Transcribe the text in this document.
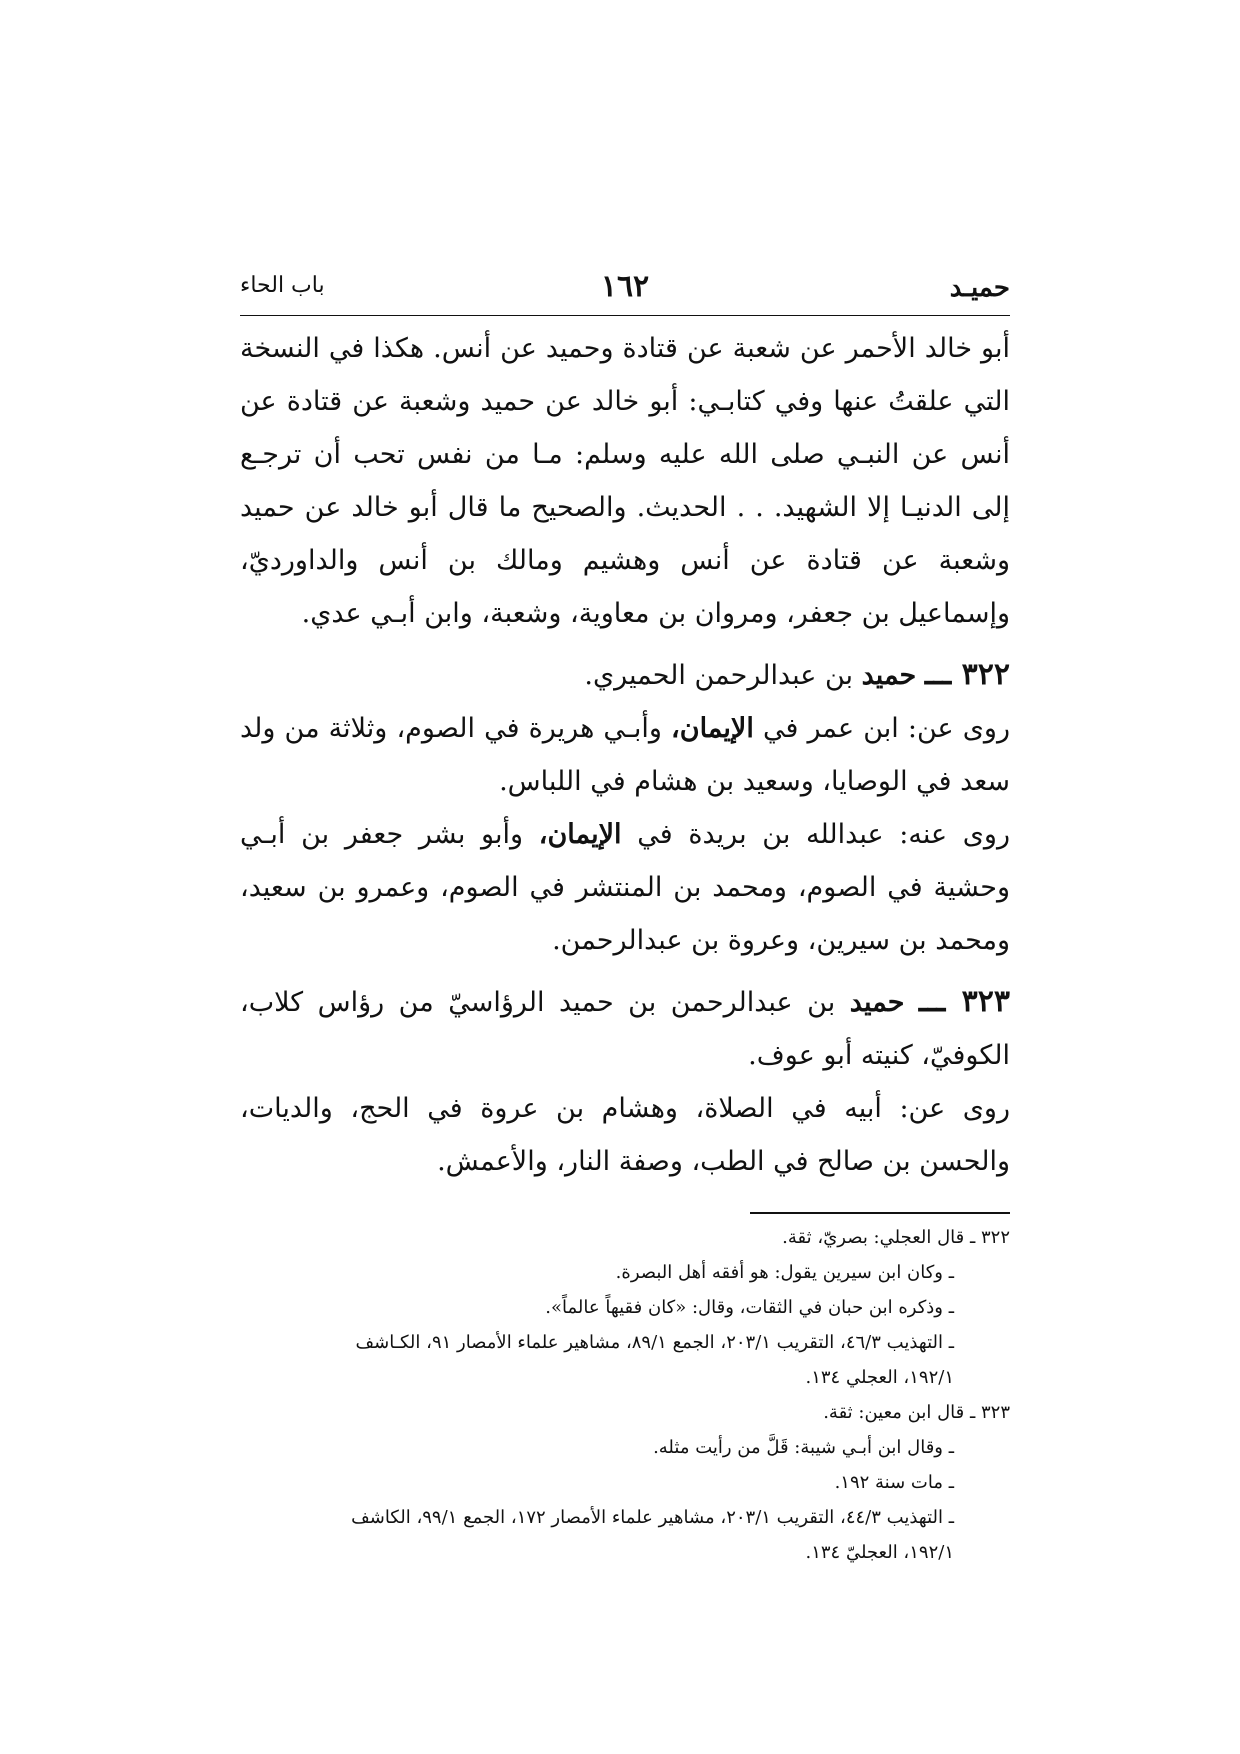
حميـد
١٦٢
باب الحاء

أبو خالد الأحمر عن شعبة عن قتادة وحميد عن أنس. هكذا في النسخة التي علقتُ عنها وفي كتابـي: أبو خالد عن حميد وشعبة عن قتادة عن أنس عن النبـي صلى الله عليه وسلم: مـا من نفس تحب أن ترجـع إلى الدنيـا إلا الشهيد. . . الحديث. والصحيح ما قال أبو خالد عن حميد وشعبة عن قتادة عن أنس وهشيم ومالك بن أنس والداورديّ، وإسماعيل بن جعفر، ومروان بن معاوية، وشعبة، وابن أبـي عدي.

٣٢٢ ـــ حميد بن عبدالرحمن الحميري.

روى عن: ابن عمر في الإيمان، وأبـي هريرة في الصوم، وثلاثة من ولد سعد في الوصايا، وسعيد بن هشام في اللباس.

روى عنه: عبدالله بن بريدة في الإيمان، وأبو بشر جعفر بن أبـي وحشية في الصوم، ومحمد بن المنتشر في الصوم، وعمرو بن سعيد، ومحمد بن سيرين، وعروة بن عبدالرحمن.

٣٢٣ ـــ حميد بن عبدالرحمن بن حميد الرؤاسيّ من رؤاس كلاب، الكوفيّ، كنيته أبو عوف.

روى عن: أبيه في الصلاة، وهشام بن عروة في الحج، والديات، والحسن بن صالح في الطب، وصفة النار، والأعمش.

٣٢٢ ـ قال العجلي: بصريّ، ثقة.

ـ وكان ابن سيرين يقول: هو أفقه أهل البصرة.

ـ وذكره ابن حبان في الثقات، وقال: «كان فقيهاً عالماً».

ـ التهذيب ٤٦/٣، التقريب ٢٠٣/١، الجمع ٨٩/١، مشاهير علماء الأمصار ٩١، الكـاشف

١٩٢/١، العجلي ١٣٤.

٣٢٣ ـ قال ابن معين: ثقة.

ـ وقال ابن أبـي شيبة: قَلَّ من رأيت مثله.

ـ مات سنة ١٩٢.

ـ التهذيب ٤٤/٣، التقريب ٢٠٣/١، مشاهير علماء الأمصار ١٧٢، الجمع ٩٩/١، الكاشف

١٩٢/١، العجليّ ١٣٤.
